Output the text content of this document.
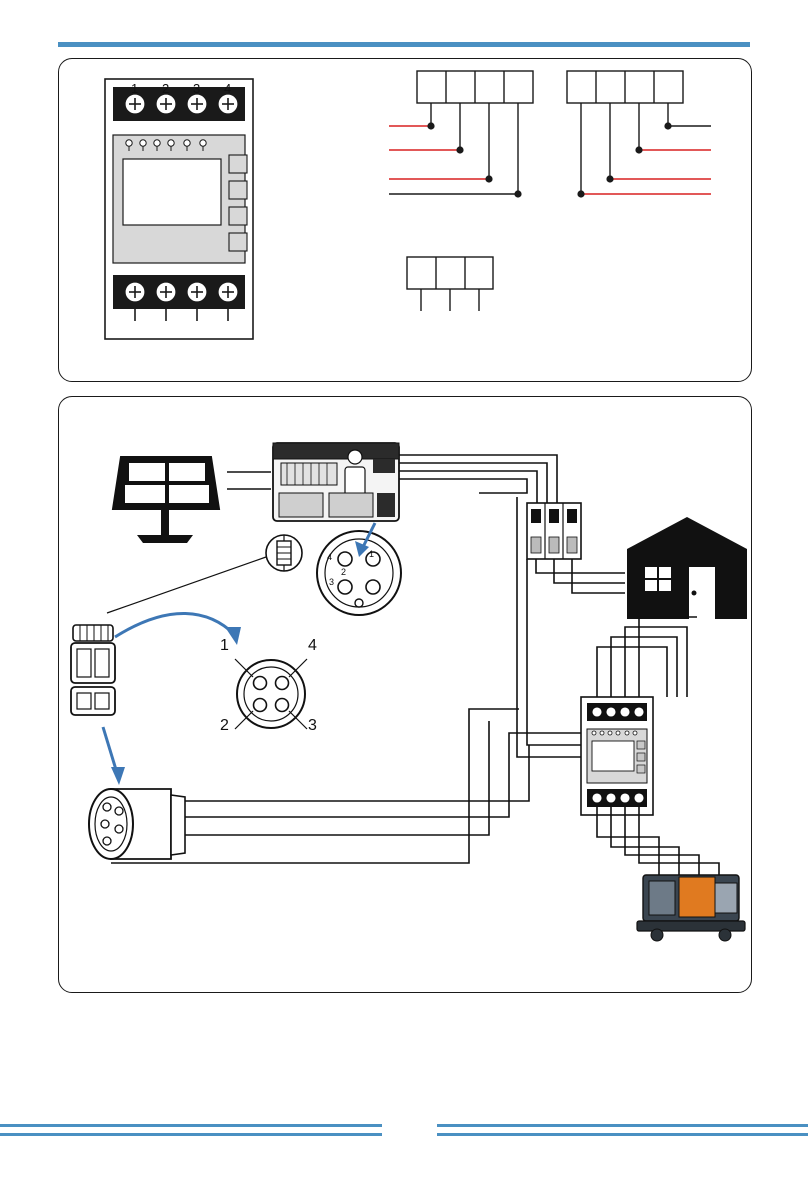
1 2 3 4
1	4
2	3
4	1
3
2
